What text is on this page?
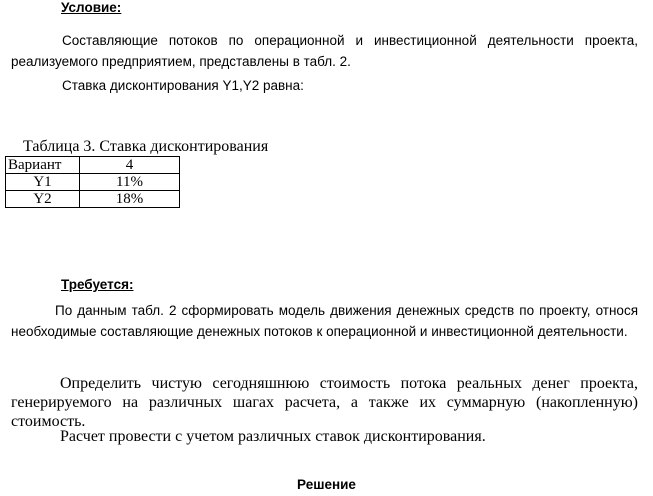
Условие:
Составляющие потоков по операционной и инвестиционной деятельности проекта, реализуемого предприятием, представлены в табл. 2.
Ставка дисконтирования Y1,Y2 равна:
Таблица 3. Ставка дисконтирования
Вариант	4
Y1	11%
Y2	18%
Требуется:
По данным табл. 2 сформировать модель движения денежных средств по проекту, относя необходимые составляющие денежных потоков к операционной и инвестиционной деятельности.
Определить чистую сегодняшнюю стоимость потока реальных денег проекта, генерируемого на различных шагах расчета, а также их суммарную (накопленную) стоимость.
Расчет провести с учетом различных ставок дисконтирования.
Решение
